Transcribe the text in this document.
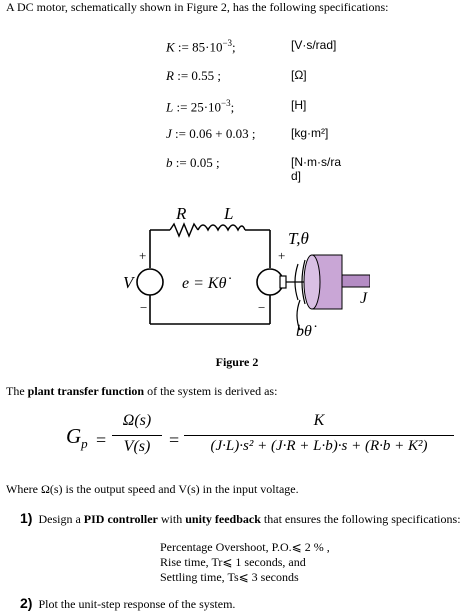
A DC motor, schematically shown in Figure 2, has the following specifications:
K := $85\cdot 10^{-3}$;	[V·s/rad]
R := 0.55 ;	[Ω]
L := $25\cdot 10^{-3}$;	[H]
J := 0.06 + 0.03 ;	[kg·m²]
b := 0.05 ;	[N·m·s/ra
d]
R L
+
−
V
+
−
e = Kθ̇
T,θ
J
bθ̇
Figure 2
The plant transfer function of the system is derived as:
$G_p$ =
Ω(s)
V(s)	=
K
(J·L)·s² + (J·R + L·b)·s + (R·b + K²)
Where Ω(s) is the output speed and V(s) in the input voltage.
1) Design a PID controller with unity feedback that ensures the following specifications:
Percentage Overshoot, P.O.⩽ 2 % ,
Rise time, Tr⩽ 1 seconds, and
Settling time, Ts⩽ 3 seconds
2) Plot the unit-step response of the system.
